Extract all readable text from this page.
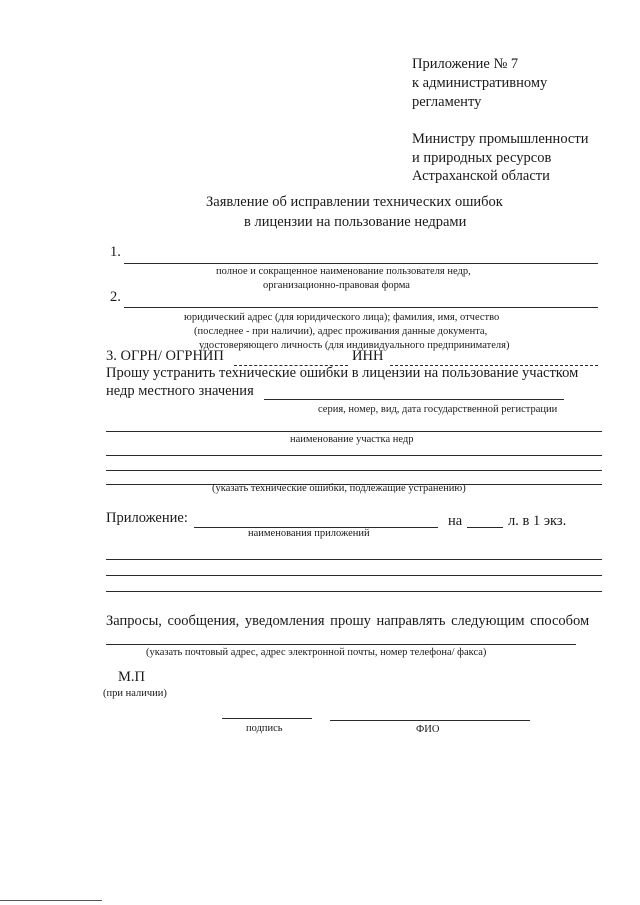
Приложение № 7
к административному
регламенту
Министру промышленности
и природных ресурсов
Астраханской области
Заявление об исправлении технических ошибок
в лицензии на пользование недрами
1.
полное и сокращенное наименование пользователя недр,
организационно-правовая форма
2.
юридический адрес (для юридического лица); фамилия, имя, отчество
(последнее - при наличии), адрес проживания данные документа,
удостоверяющего личность (для индивидуального предпринимателя)
3. ОГРН/ ОГРНИП	ИНН
Прошу устранить технические ошибки в лицензии на пользование участком
недр местного значения
серия, номер, вид, дата государственной регистрации
наименование участка недр
(указать технические ошибки, подлежащие устранению)
Приложение:	на	л. в 1 экз.
наименования приложений
Запросы, сообщения, уведомления прошу направлять следующим способом
(указать почтовый адрес, адрес электронной почты, номер телефона/ факса)
М.П
(при наличии)
подпись	ФИО
